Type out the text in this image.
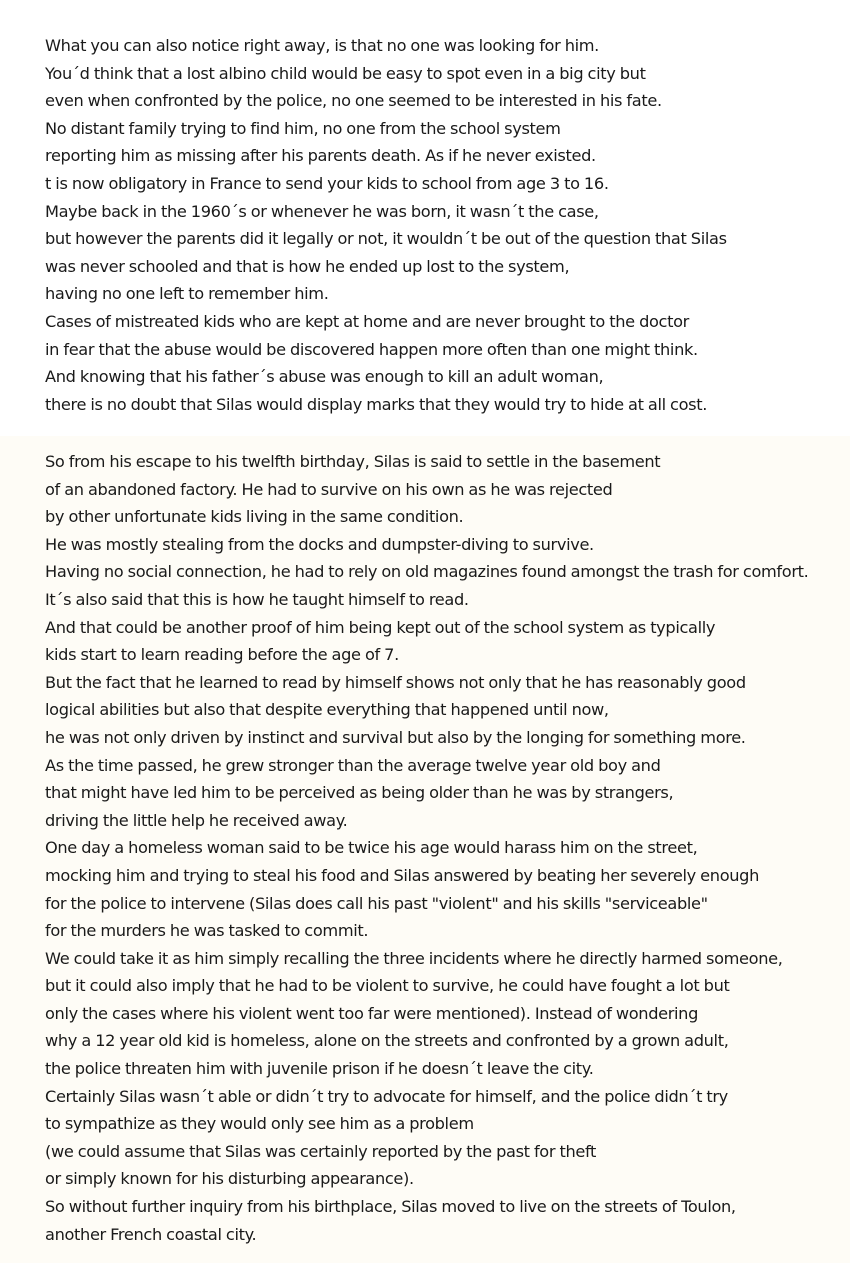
What you can also notice right away, is that no one was looking for him.
You´d think that a lost albino child would be easy to spot even in a big city but
even when confronted by the police, no one seemed to be interested in his fate.
No distant family trying to find him, no one from the school system
reporting him as missing after his parents death. As if he never existed.
t is now obligatory in France to send your kids to school from age 3 to 16.
Maybe back in the 1960´s or whenever he was born, it wasn´t the case,
but however the parents did it legally or not, it wouldn´t be out of the question that Silas
was never schooled and that is how he ended up lost to the system,
having no one left to remember him.
Cases of mistreated kids who are kept at home and are never brought to the doctor
in fear that the abuse would be discovered happen more often than one might think.
And knowing that his father´s abuse was enough to kill an adult woman,
there is no doubt that Silas would display marks that they would try to hide at all cost.
So from his escape to his twelfth birthday, Silas is said to settle in the basement
of an abandoned factory. He had to survive on his own as he was rejected
by other unfortunate kids living in the same condition.
He was mostly stealing from the docks and dumpster-diving to survive.
Having no social connection, he had to rely on old magazines found amongst the trash for comfort.
It´s also said that this is how he taught himself to read.
And that could be another proof of him being kept out of the school system as typically
kids start to learn reading before the age of 7.
But the fact that he learned to read by himself shows not only that he has reasonably good
logical abilities but also that despite everything that happened until now,
he was not only driven by instinct and survival but also by the longing for something more.
As the time passed, he grew stronger than the average twelve year old boy and
that might have led him to be perceived as being older than he was by strangers,
driving the little help he received away.
One day a homeless woman said to be twice his age would harass him on the street,
mocking him and trying to steal his food and Silas answered by beating her severely enough
for the police to intervene (Silas does call his past "violent" and his skills "serviceable"
for the murders he was tasked to commit.
We could take it as him simply recalling the three incidents where he directly harmed someone,
but it could also imply that he had to be violent to survive, he could have fought a lot but
only the cases where his violent went too far were mentioned). Instead of wondering
why a 12 year old kid is homeless, alone on the streets and confronted by a grown adult,
the police threaten him with juvenile prison if he doesn´t leave the city.
Certainly Silas wasn´t able or didn´t try to advocate for himself, and the police didn´t try
to sympathize as they would only see him as a problem
(we could assume that Silas was certainly reported by the past for theft
or simply known for his disturbing appearance).
So without further inquiry from his birthplace, Silas moved to live on the streets of Toulon,
another French coastal city.
